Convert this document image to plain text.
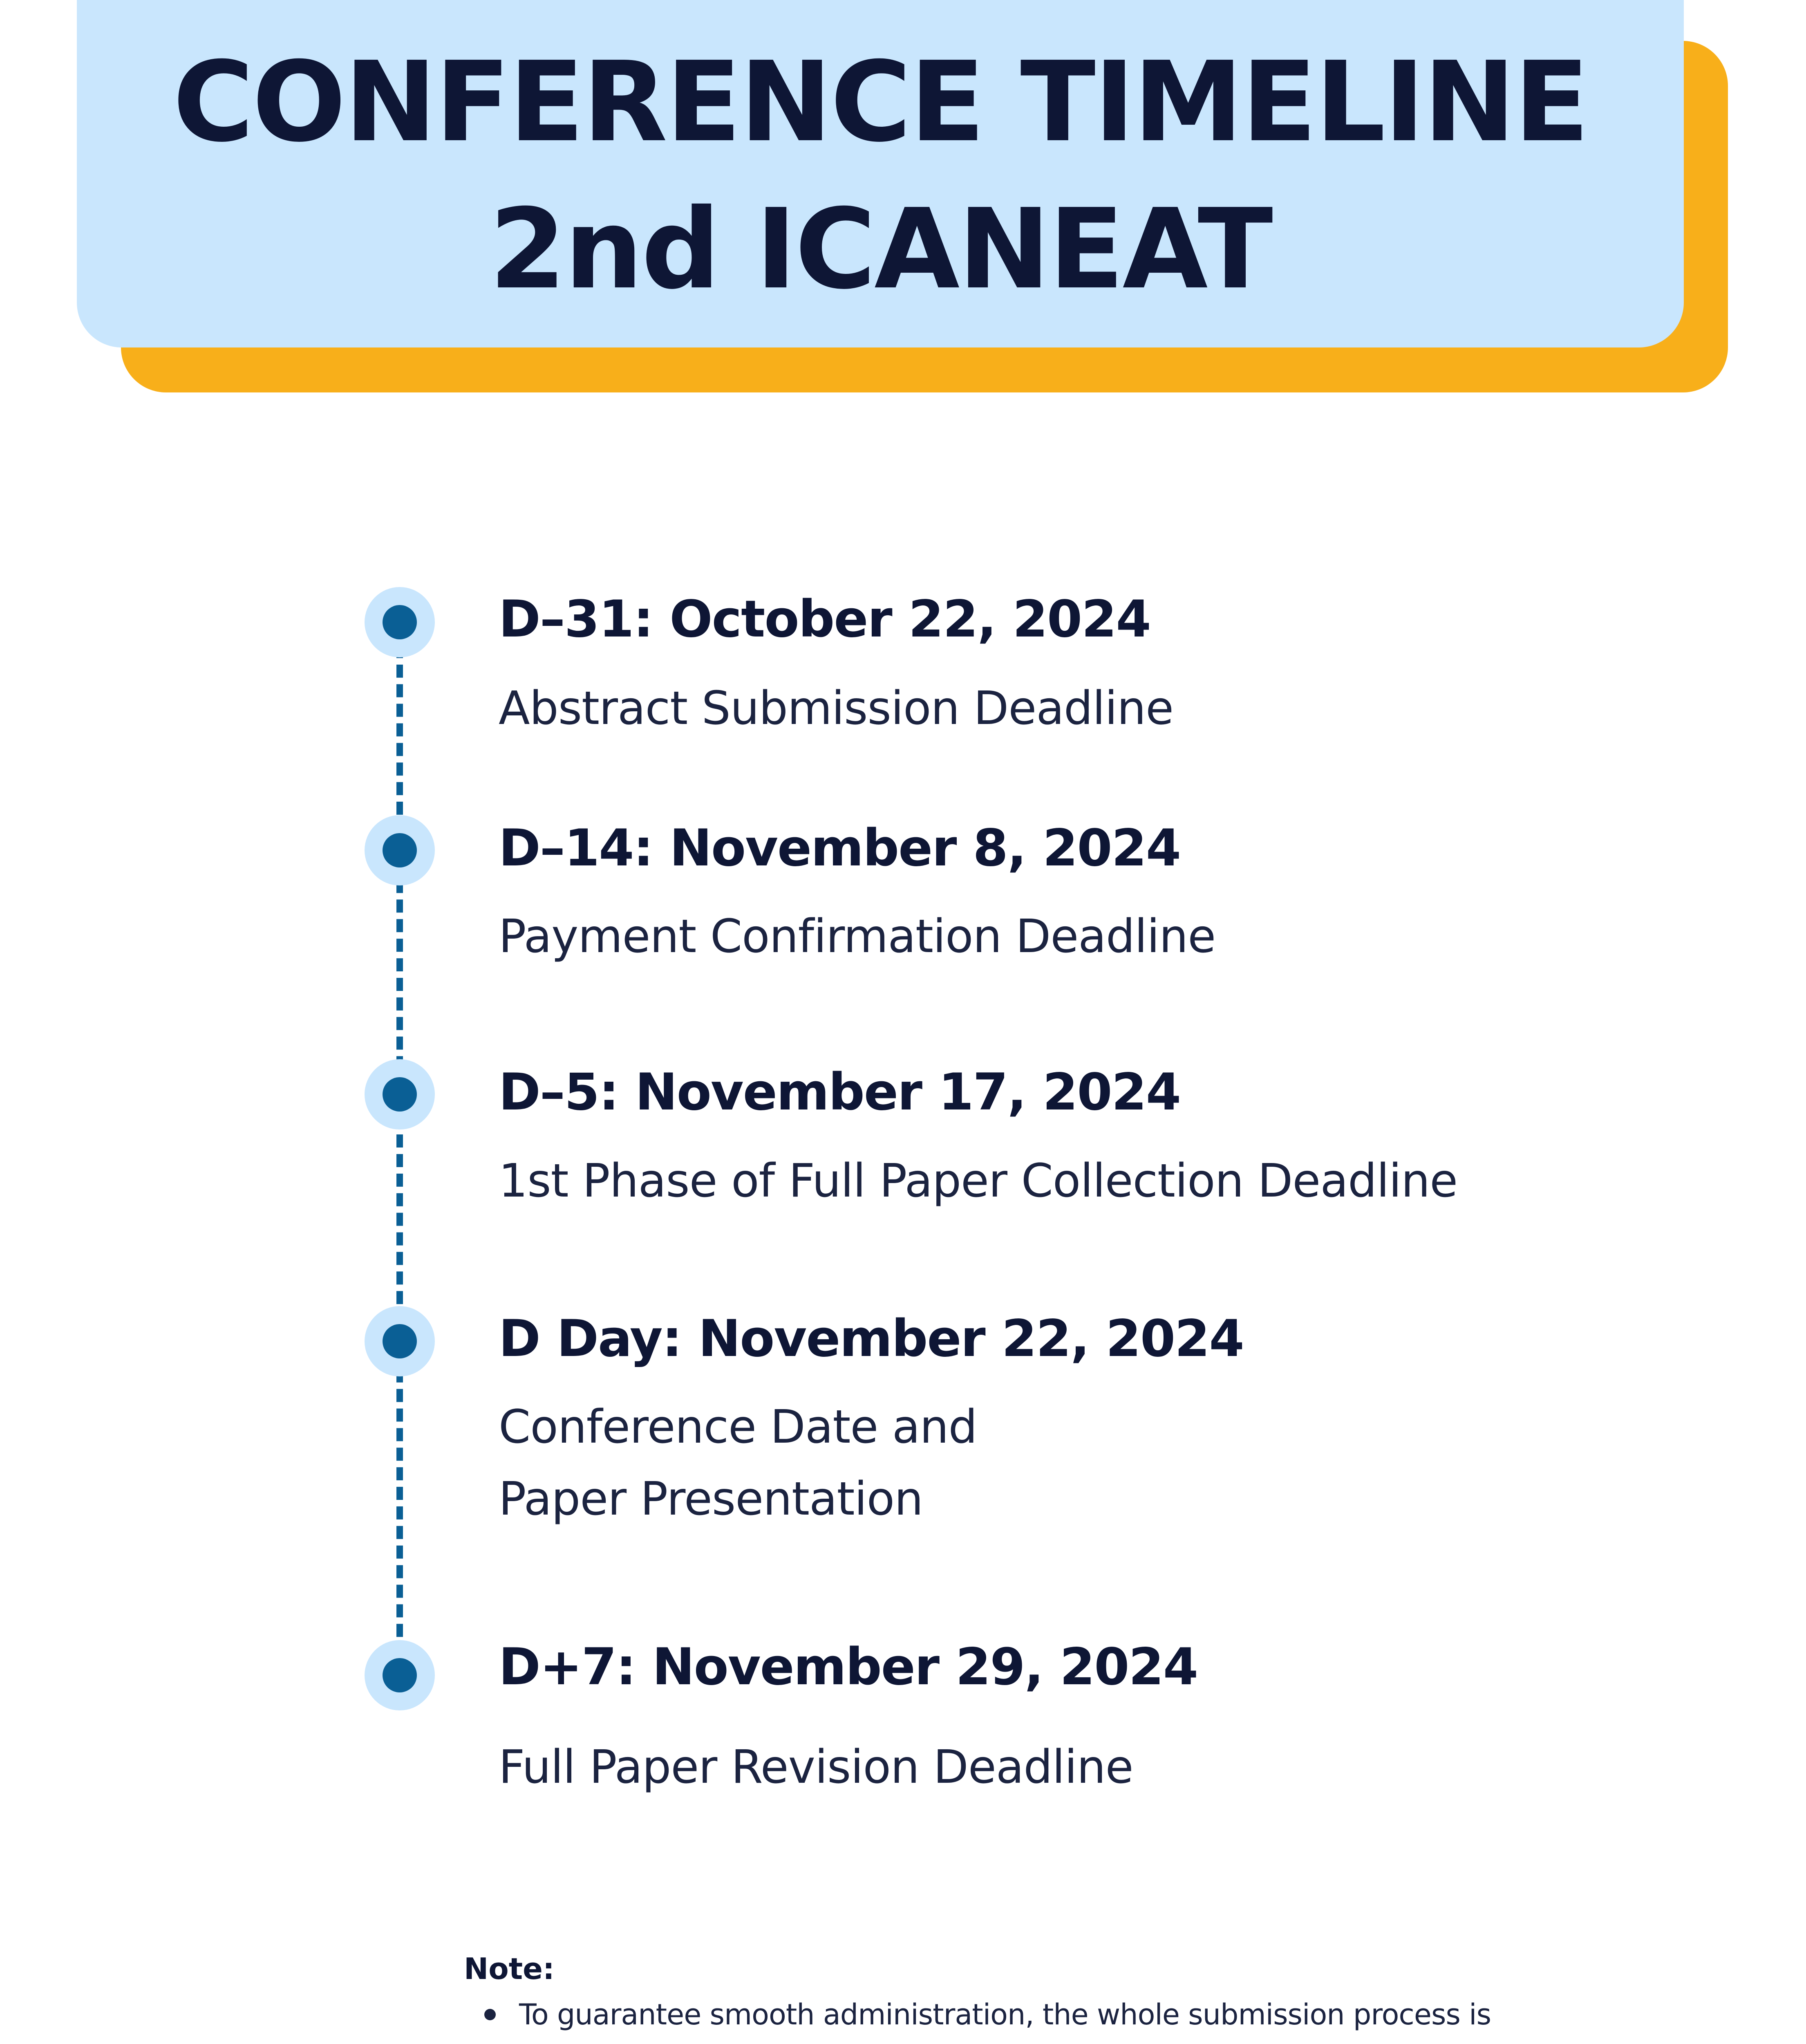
CONFERENCE TIMELINE
2nd ICANEAT
D–31: October 22, 2024
Abstract Submission Deadline
D–14: November 8, 2024
Payment Confirmation Deadline
D–5: November 17, 2024
1st Phase of Full Paper Collection Deadline
D Day: November 22, 2024
Conference Date and
Paper Presentation
D+7: November 29, 2024
Full Paper Revision Deadline
Note:
To guarantee smooth administration, the whole submission process is
